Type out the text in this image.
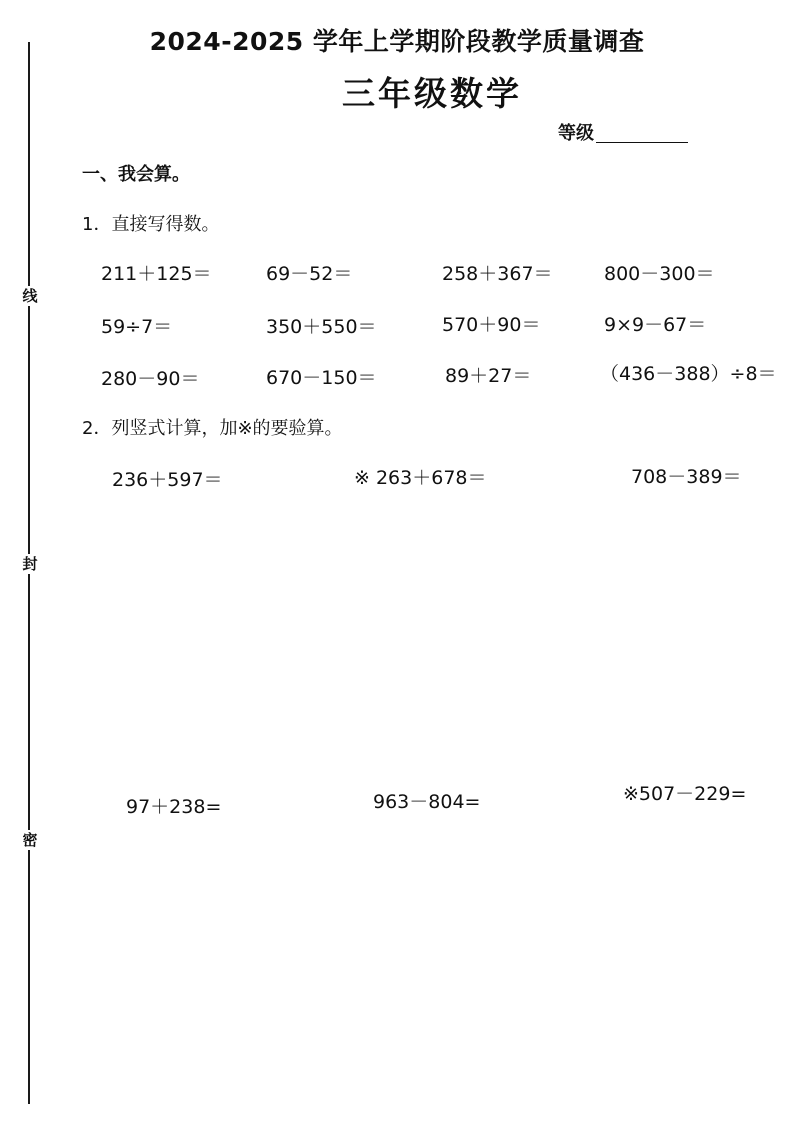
线
封
密
2024-2025 学年上学期阶段教学质量调查
三年级数学
等级
一、我会算。
1．直接写得数。
211＋125＝	69－52＝	258＋367＝	800－300＝
59÷7＝	350＋550＝	570＋90＝	9×9－67＝
280－90＝	670－150＝	89＋27＝	（436－388）÷8＝
2．列竖式计算，加※的要验算。
236＋597＝	※ 263＋678＝	708－389＝
97＋238=	963－804=	※507－229=
